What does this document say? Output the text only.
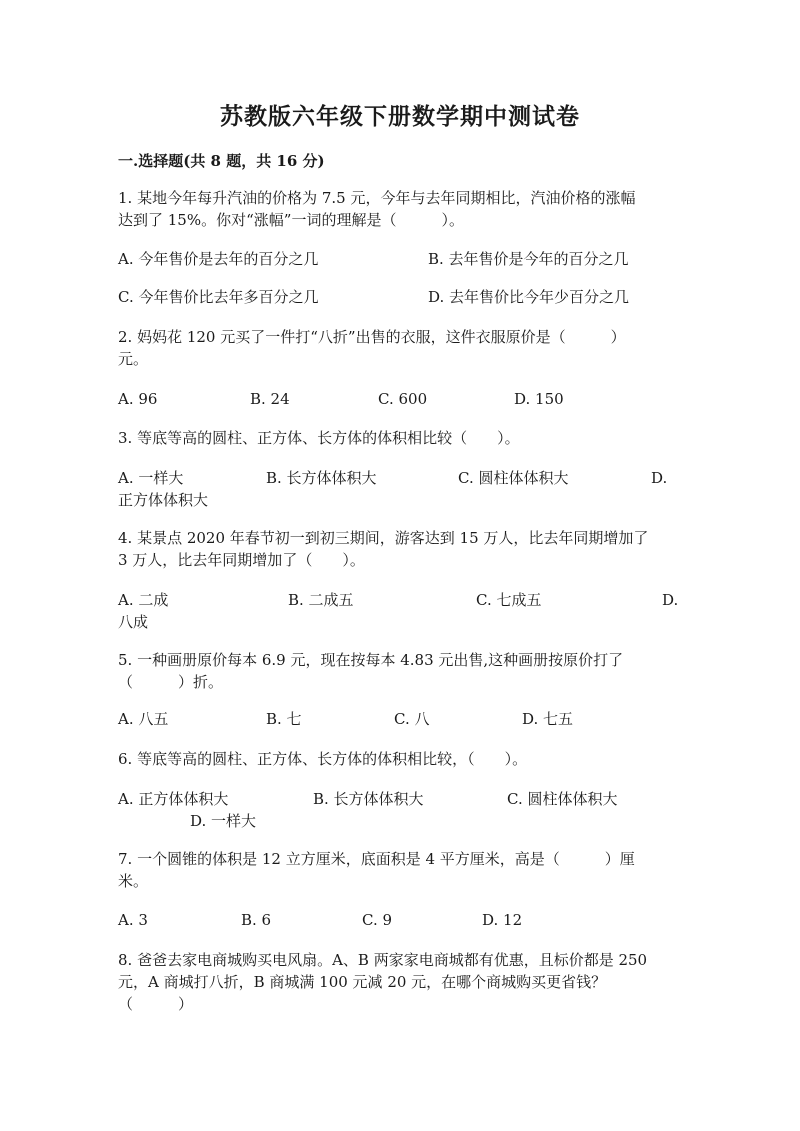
苏教版六年级下册数学期中测试卷
一.选择题(共 8 题，共 16 分)
1. 某地今年每升汽油的价格为 7.5 元，今年与去年同期相比，汽油价格的涨幅
达到了 15%。你对“涨幅”一词的理解是（　　　）。
A. 今年售价是去年的百分之几	B. 去年售价是今年的百分之几
C. 今年售价比去年多百分之几	D. 去年售价比今年少百分之几
2. 妈妈花 120 元买了一件打“八折”出售的衣服，这件衣服原价是（　　　）
元。
A. 96	B. 24	C. 600	D. 150
3. 等底等高的圆柱、正方体、长方体的体积相比较（　　）。
A. 一样大	B. 长方体体积大	C. 圆柱体体积大	D.
正方体体积大
4. 某景点 2020 年春节初一到初三期间，游客达到 15 万人，比去年同期增加了
3 万人，比去年同期增加了（　　）。
A. 二成	B. 二成五	C. 七成五	D.
八成
5. 一种画册原价每本 6.9 元，现在按每本 4.83 元出售,这种画册按原价打了
（　　　）折。
A. 八五	B. 七	C. 八	D. 七五
6. 等底等高的圆柱、正方体、长方体的体积相比较，（　　）。
A. 正方体体积大	B. 长方体体积大	C. 圆柱体体积大
D. 一样大
7. 一个圆锥的体积是 12 立方厘米，底面积是 4 平方厘米，高是（　　　）厘
米。
A. 3	B. 6	C. 9	D. 12
8. 爸爸去家电商城购买电风扇。A、B 两家家电商城都有优惠，且标价都是 250
元，A 商城打八折，B 商城满 100 元减 20 元，在哪个商城购买更省钱？
（　　　）
